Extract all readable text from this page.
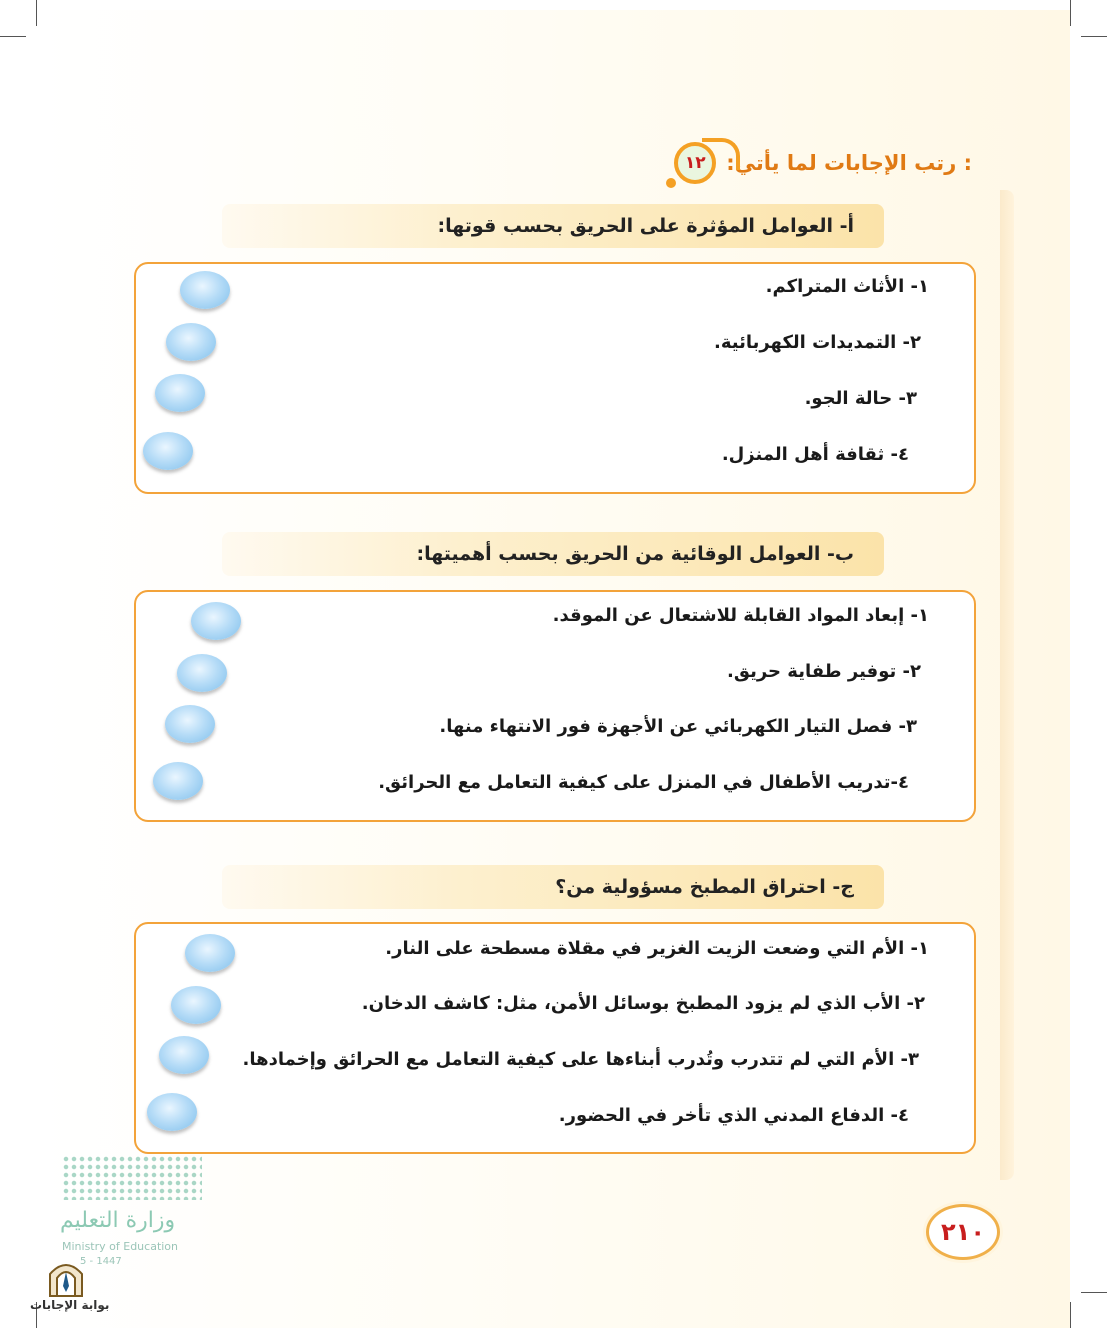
١٢ : رتب الإجابات لما يأتي:
أ- العوامل المؤثرة على الحريق بحسب قوتها:
١- الأثاث المتراكم.
٢- التمديدات الكهربائية.
٣- حالة الجو.
٤- ثقافة أهل المنزل.
ب- العوامل الوقائية من الحريق بحسب أهميتها:
١- إبعاد المواد القابلة للاشتعال عن الموقد.
٢- توفير طفاية حريق.
٣- فصل التيار الكهربائي عن الأجهزة فور الانتهاء منها.
٤-تدريب الأطفال في المنزل على كيفية التعامل مع الحرائق.
ج- احتراق المطبخ مسؤولية من؟
١- الأم التي وضعت الزيت الغزير في مقلاة مسطحة على النار.
٢- الأب الذي لم يزود المطبخ بوسائل الأمن، مثل: كاشف الدخان.
٣- الأم التي لم تتدرب وتُدرب أبناءها على كيفية التعامل مع الحرائق وإخمادها.
٤- الدفاع المدني الذي تأخر في الحضور.
٢١٠
وزارة التعليم
Ministry of Education
5 - 1447
بوابة الإجابات
